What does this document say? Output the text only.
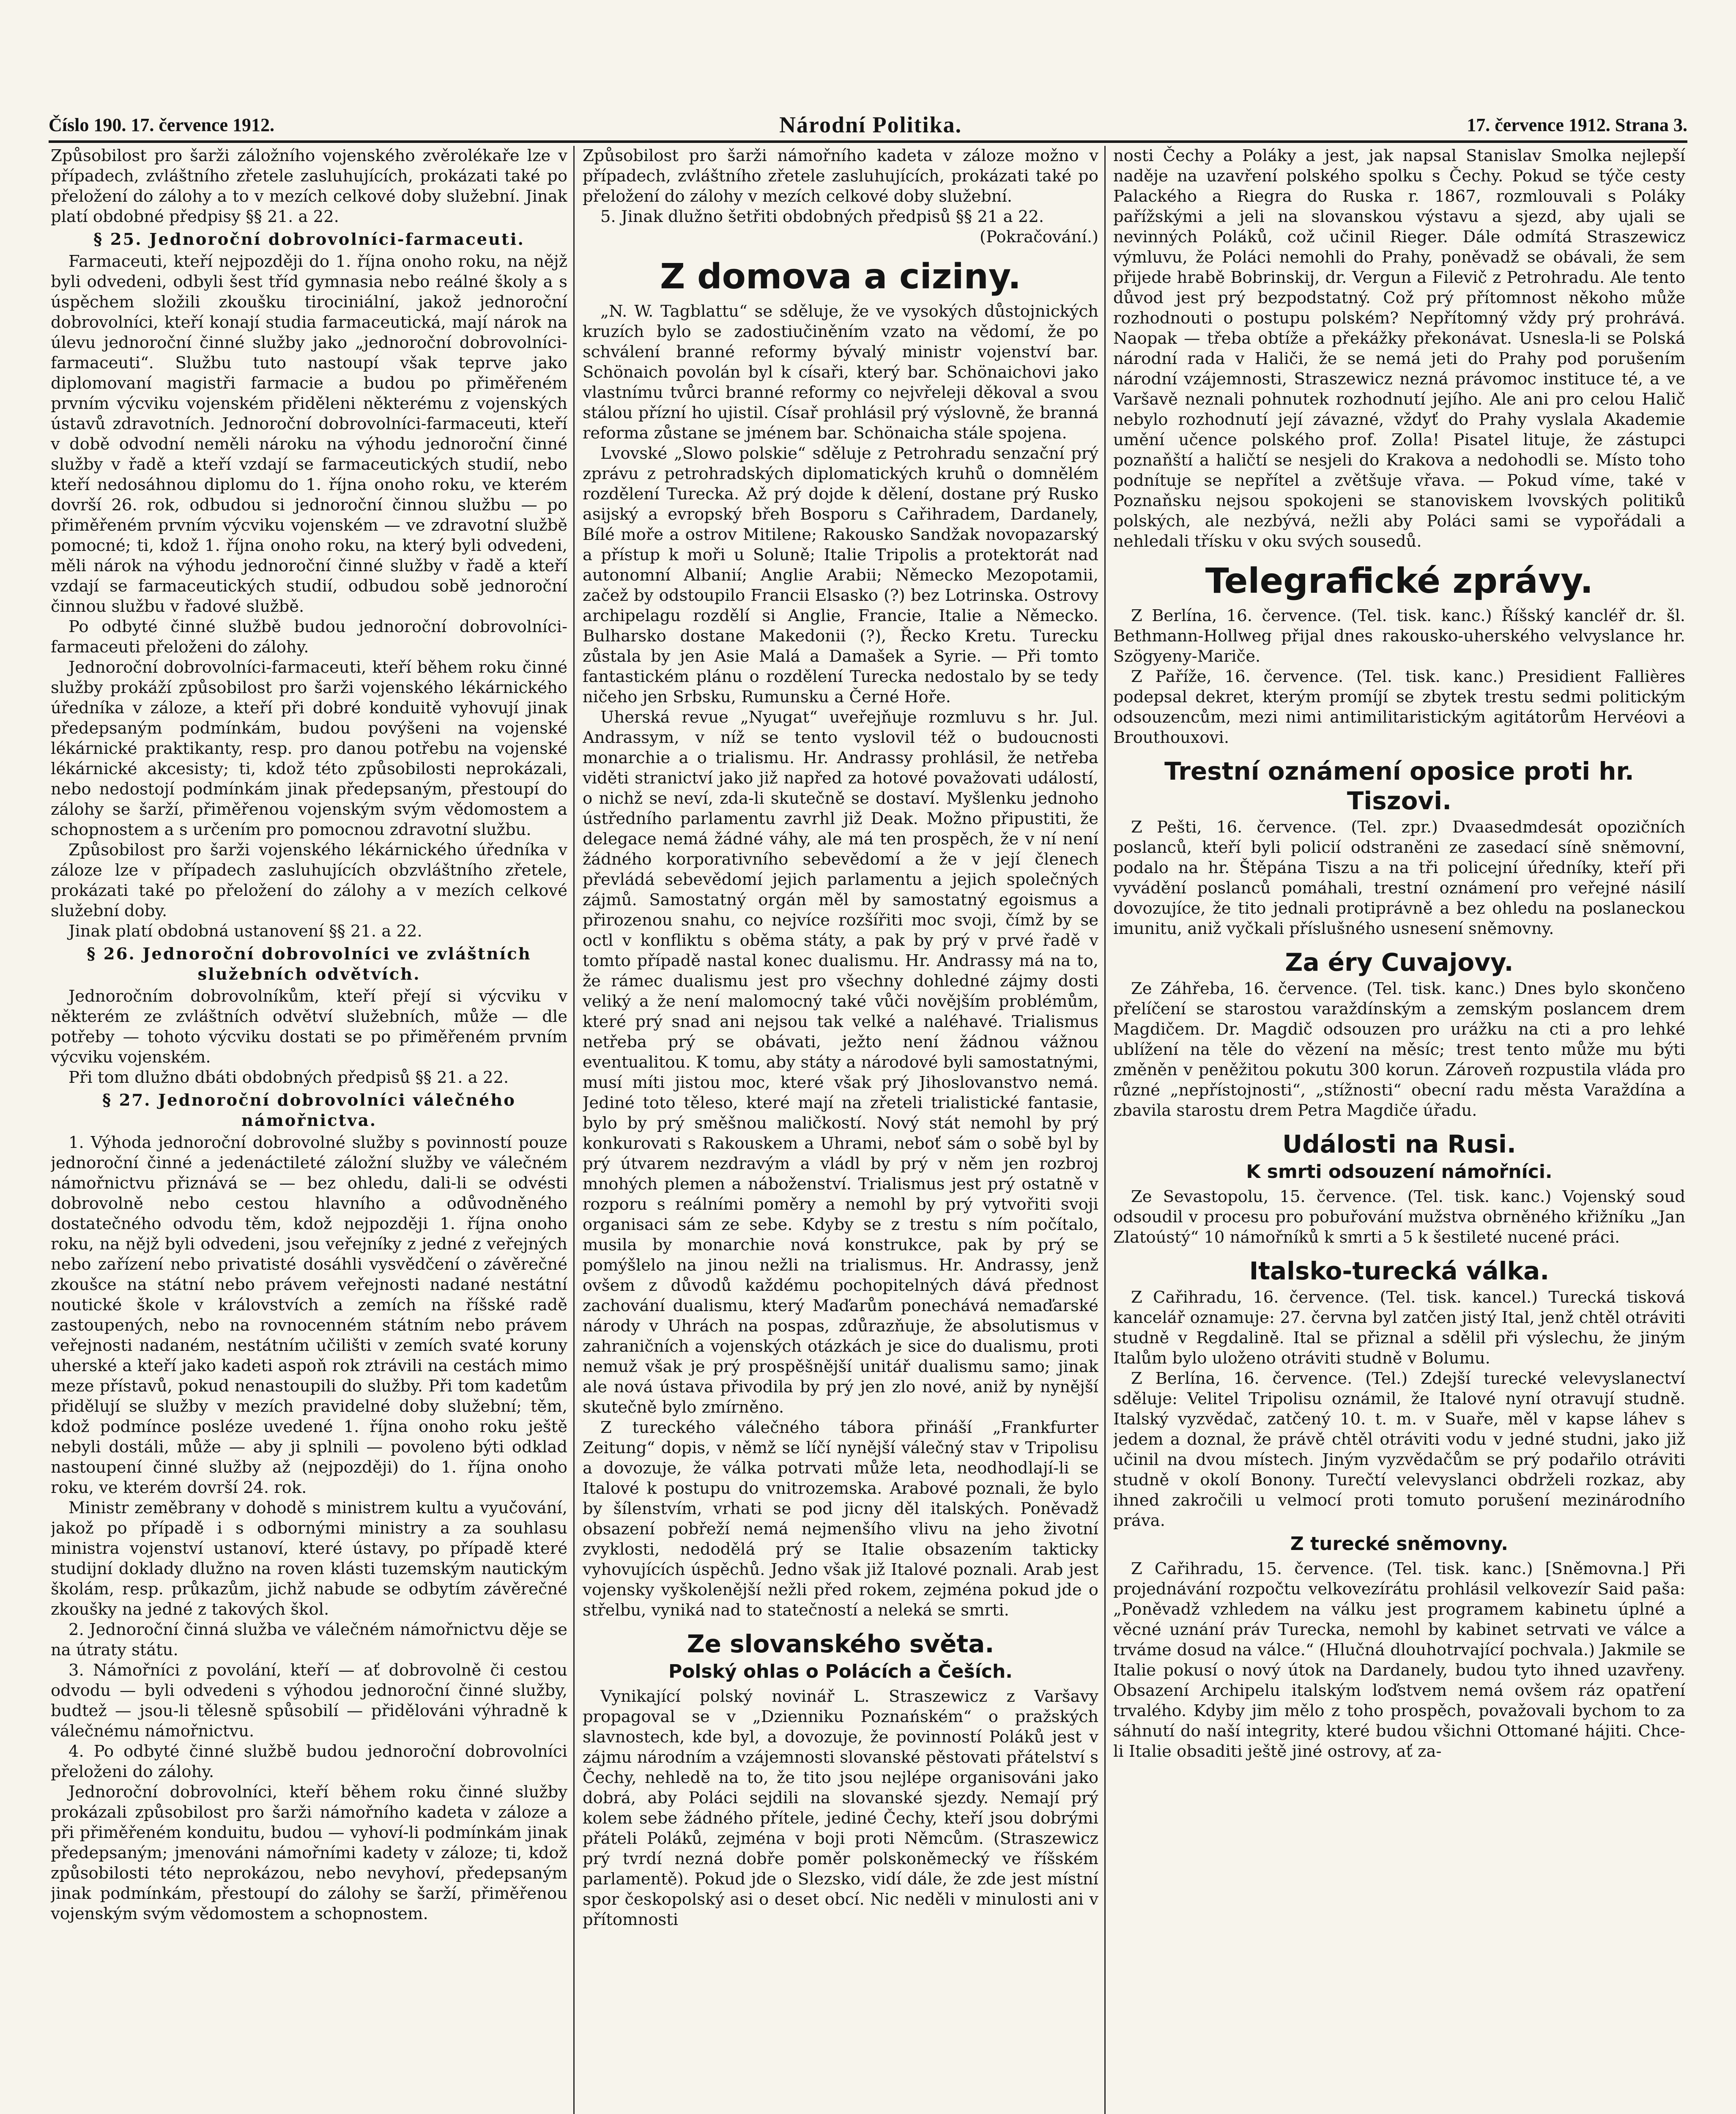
Číslo 190. 17. července 1912.	Národní Politika.	17. července 1912. Strana 3.

Způsobilost pro šarži záložního vojenského zvěrolékaře lze v případech, zvláštního zřetele zasluhujících, prokázati také po přeložení do zálohy a to v mezích celkové doby služební. Jinak platí obdobné předpisy §§ 21. a 22.

§ 25. Jednoroční dobrovolníci-farmaceuti.

Farmaceuti, kteří nejpozději do 1. října onoho roku, na nějž byli odvedeni, odbyli šest tříd gymnasia nebo reálné školy a s úspěchem složili zkoušku tirociniální, jakož jednoroční dobrovolníci, kteří konají studia farmaceutická, mají nárok na úlevu jednoroční činné služby jako „jednoroční dobrovolníci-farmaceuti“. Službu tuto nastoupí však teprve jako diplomovaní magistři farmacie a budou po přiměřeném prvním výcviku vojenském přiděleni některému z vojenských ústavů zdravotních. Jednoroční dobrovolníci-farmaceuti, kteří v době odvodní neměli nároku na výhodu jednoroční činné služby v řadě a kteří vzdají se farmaceutických studií, nebo kteří nedosáhnou diplomu do 1. října onoho roku, ve kterém dovrší 26. rok, odbudou si jednoroční činnou službu — po přiměřeném prvním výcviku vojenském — ve zdravotní službě pomocné; ti, kdož 1. října onoho roku, na který byli odvedeni, měli nárok na výhodu jednoroční činné služby v řadě a kteří vzdají se farmaceutických studií, odbudou sobě jednoroční činnou službu v řadové službě.

Po odbyté činné službě budou jednoroční dobrovolníci-farmaceuti přeloženi do zálohy.

Jednoroční dobrovolníci-farmaceuti, kteří během roku činné služby prokáží způsobilost pro šarži vojenského lékárnického úředníka v záloze, a kteří při dobré konduitě vyhovují jinak předepsaným podmínkám, budou povýšeni na vojenské lékárnické praktikanty, resp. pro danou potřebu na vojenské lékárnické akcesisty; ti, kdož této způsobilosti neprokázali, nebo nedostojí podmínkám jinak předepsaným, přestoupí do zálohy se šarží, přiměřenou vojenským svým vědomostem a schopnostem a s určením pro pomocnou zdravotní službu.

Způsobilost pro šarži vojenského lékárnického úředníka v záloze lze v případech zasluhujících obzvláštního zřetele, prokázati také po přeložení do zálohy a v mezích celkové služební doby.

Jinak platí obdobná ustanovení §§ 21. a 22.

§ 26. Jednoroční dobrovolníci ve zvláštních služebních odvětvích.

Jednoročním dobrovolníkům, kteří přejí si výcviku v některém ze zvláštních odvětví služebních, může — dle potřeby — tohoto výcviku dostati se po přiměřeném prvním výcviku vojenském.

Při tom dlužno dbáti obdobných předpisů §§ 21. a 22.

§ 27. Jednoroční dobrovolníci válečného námořnictva.

1. Výhoda jednoroční dobrovolné služby s povinností pouze jednoroční činné a jedenáctileté záložní služby ve válečném námořnictvu přiznává se — bez ohledu, dali-li se odvésti dobrovolně nebo cestou hlavního a odůvodněného dostatečného odvodu těm, kdož nejpozději 1. října onoho roku, na nějž byli odvedeni, jsou veřejníky z jedné z veřejných nebo zařízení nebo privatisté dosáhli vysvědčení o závěrečné zkoušce na státní nebo právem veřejnosti nadané nestátní noutické škole v královstvích a zemích na říšské radě zastoupených, nebo na rovnocenném státním nebo právem veřejnosti nadaném, nestátním učilišti v zemích svaté koruny uherské a kteří jako kadeti aspoň rok ztrávili na cestách mimo meze přístavů, pokud nenastoupili do služby. Při tom kadetům přidělují se služby v mezích pravidelné doby služební; těm, kdož podmínce posléze uvedené 1. října onoho roku ještě nebyli dostáli, může — aby ji splnili — povoleno býti odklad nastoupení činné služby až (nejpozději) do 1. října onoho roku, ve kterém dovrší 24. rok.

Ministr zeměbrany v dohodě s ministrem kultu a vyučování, jakož po případě i s odbornými ministry a za souhlasu ministra vojenství ustanoví, které ústavy, po případě které studijní doklady dlužno na roven klásti tuzemským nautickým školám, resp. průkazům, jichž nabude se odbytím závěrečné zkoušky na jedné z takových škol.

2. Jednoroční činná služba ve válečném námořnictvu děje se na útraty státu.

3. Námořníci z povolání, kteří — ať dobrovolně či cestou odvodu — byli odvedeni s výhodou jednoroční činné služby, budtež — jsou-li tělesně spůsobilí — přidělováni výhradně k válečnému námořnictvu.

4. Po odbyté činné službě budou jednoroční dobrovolníci přeloženi do zálohy.

Jednoroční dobrovolníci, kteří během roku činné služby prokázali způsobilost pro šarži námořního kadeta v záloze a při přiměřeném konduitu, budou — vyhoví-li podmínkám jinak předepsaným; jmenováni námořními kadety v záloze; ti, kdož způsobilosti této neprokázou, nebo nevyhoví, předepsaným jinak podmínkám, přestoupí do zálohy se šarží, přiměřenou vojenským svým vědomostem a schopnostem.

Způsobilost pro šarži námořního kadeta v záloze možno v případech, zvláštního zřetele zasluhujících, prokázati také po přeložení do zálohy v mezích celkové doby služební.

5. Jinak dlužno šetřiti obdobných předpisů §§ 21 a 22.

(Pokračování.)
Z domova a ciziny.

„N. W. Tagblattu“ se sděluje, že ve vysokých důstojnických kruzích bylo se zadostiučiněním vzato na vědomí, že po schválení branné reformy bývalý ministr vojenství bar. Schönaich povolán byl k císaři, který bar. Schönaichovi jako vlastnímu tvůrci branné reformy co nejvřeleji děkoval a svou stálou přízní ho ujistil. Císař prohlásil prý výslovně, že branná reforma zůstane se jménem bar. Schönaicha stále spojena.

Lvovské „Slowo polskie“ sděluje z Petrohradu senzační prý zprávu z petrohradských diplomatických kruhů o domnělém rozdělení Turecka. Až prý dojde k dělení, dostane prý Rusko asijský a evropský břeh Bosporu s Cařihradem, Dardanely, Bílé moře a ostrov Mitilene; Rakousko Sandžak novopazarský a přístup k moři u Soluně; Italie Tripolis a protektorát nad autonomní Albanií; Anglie Arabii; Německo Mezopotamii, začež by odstoupilo Francii Elsasko (?) bez Lotrinska. Ostrovy archipelagu rozdělí si Anglie, Francie, Italie a Německo. Bulharsko dostane Makedonii (?), Řecko Kretu. Turecku zůstala by jen Asie Malá a Damašek a Syrie. — Při tomto fantastickém plánu o rozdělení Turecka nedostalo by se tedy ničeho jen Srbsku, Rumunsku a Černé Hoře.

Uherská revue „Nyugat“ uveřejňuje rozmluvu s hr. Jul. Andrassym, v níž se tento vyslovil též o budoucnosti monarchie a o trialismu. Hr. Andrassy prohlásil, že netřeba viděti stranictví jako již napřed za hotové považovati událostí, o nichž se neví, zda-li skutečně se dostaví. Myšlenku jednoho ústředního parlamentu zavrhl již Deak. Možno připustiti, že delegace nemá žádné váhy, ale má ten prospěch, že v ní není žádného korporativního sebevědomí a že v její členech převládá sebevědomí jejich parlamentu a jejich společných zájmů. Samostatný orgán měl by samostatný egoismus a přirozenou snahu, co nejvíce rozšířiti moc svoji, čímž by se octl v konfliktu s oběma státy, a pak by prý v prvé řadě v tomto případě nastal konec dualismu. Hr. Andrassy má na to, že rámec dualismu jest pro všechny dohledné zájmy dosti veliký a že není malomocný také vůči novějším problémům, které prý snad ani nejsou tak velké a naléhavé. Trialismus netřeba prý se obávati, ježto není žádnou vážnou eventualitou. K tomu, aby státy a národové byli samostatnými, musí míti jistou moc, které však prý Jihoslovanstvo nemá. Jediné toto těleso, které mají na zřeteli trialistické fantasie, bylo by prý směšnou maličkostí. Nový stát nemohl by prý konkurovati s Rakouskem a Uhrami, neboť sám o sobě byl by prý útvarem nezdravým a vládl by prý v něm jen rozbroj mnohých plemen a náboženství. Trialismus jest prý ostatně v rozporu s reálními poměry a nemohl by prý vytvořiti svoji organisaci sám ze sebe. Kdyby se z trestu s ním počítalo, musila by monarchie nová konstrukce, pak by prý se pomýšlelo na jinou nežli na trialismus. Hr. Andrassy, jenž ovšem z důvodů každému pochopitelných dává přednost zachování dualismu, který Maďarům ponechává nemaďarské národy v Uhrách na pospas, zdůrazňuje, že absolutismus v zahraničních a vojenských otázkách je sice do dualismu, proti nemuž však je prý prospěšnější unitář dualismu samo; jinak ale nová ústava přivodila by prý jen zlo nové, aniž by nynější skutečně bylo zmírněno.

Z tureckého válečného tábora přináší „Frankfurter Zeitung“ dopis, v němž se líčí nynější válečný stav v Tripolisu a dovozuje, že válka potrvati může leta, neodhodlají-li se Italové k postupu do vnitrozemska. Arabové poznali, že bylo by šílenstvím, vrhati se pod jicny děl italských. Poněvadž obsazení pobřeží nemá nejmenšího vlivu na jeho životní zvyklosti, nedodělá prý se Italie obsazením takticky vyhovujících úspěchů. Jedno však již Italové poznali. Arab jest vojensky vyškolenější nežli před rokem, zejména pokud jde o střelbu, vyniká nad to statečností a neleká se smrti.

Ze slovanského světa.
Polský ohlas o Polácích a Češích.

Vynikající polský novinář L. Straszewicz z Varšavy propagoval se v „Dzienniku Poznańském“ o pražských slavnostech, kde byl, a dovozuje, že povinností Poláků jest v zájmu národním a vzájemnosti slovanské pěstovati přátelství s Čechy, nehledě na to, že tito jsou nejlépe organisováni jako dobrá, aby Poláci sejdili na slovanské sjezdy. Nemají prý kolem sebe žádného přítele, jediné Čechy, kteří jsou dobrými přáteli Poláků, zejména v boji proti Němcům. (Straszewicz prý tvrdí nezná dobře poměr polskoněmecký ve říšském parlamentě). Pokud jde o Slezsko, vidí dále, že zde jest místní spor českopolský asi o deset obcí. Nic neděli v minulosti ani v přítomnosti

nosti Čechy a Poláky a jest, jak napsal Stanislav Smolka nejlepší naděje na uzavření polského spolku s Čechy. Pokud se týče cesty Palackého a Riegra do Ruska r. 1867, rozmlouvali s Poláky pařížskými a jeli na slovanskou výstavu a sjezd, aby ujali se nevinných Poláků, což učinil Rieger. Dále odmítá Straszewicz výmluvu, že Poláci nemohli do Prahy, poněvadž se obávali, že sem přijede hrabě Bobrinskij, dr. Vergun a Filevič z Petrohradu. Ale tento důvod jest prý bezpodstatný. Což prý přítomnost někoho může rozhodnouti o postupu polském? Nepřítomný vždy prý prohrává. Naopak — třeba obtíže a překážky překonávat. Usnesla-li se Polská národní rada v Haliči, že se nemá jeti do Prahy pod porušením národní vzájemnosti, Straszewicz nezná právomoc instituce té, a ve Varšavě neznali pohnutek rozhodnutí jejího. Ale ani pro celou Halič nebylo rozhodnutí její závazné, vždyť do Prahy vyslala Akademie umění učence polského prof. Zolla! Pisatel lituje, že zástupci poznaňští a haličtí se nesjeli do Krakova a nedohodli se. Místo toho podnítuje se nepřítel a zvětšuje vřava. — Pokud víme, také v Poznaňsku nejsou spokojeni se stanoviskem lvovských politiků polských, ale nezbývá, nežli aby Poláci sami se vypořádali a nehledali třísku v oku svých sousedů.

Telegrafické zprávy.

Z Berlína, 16. července. (Tel. tisk. kanc.) Říšský kancléř dr. šl. Bethmann-Hollweg přijal dnes rakousko-uherského velvyslance hr. Szögyeny-Mariče.

Z Paříže, 16. července. (Tel. tisk. kanc.) Presidient Fallières podepsal dekret, kterým promíjí se zbytek trestu sedmi politickým odsouzencům, mezi nimi antimilitaristickým agitátorům Hervéovi a Brouthouxovi.

Trestní oznámení oposice proti hr. Tiszovi.

Z Pešti, 16. července. (Tel. zpr.) Dvaasedmdesát opozičních poslanců, kteří byli policií odstraněni ze zasedací síně sněmovní, podalo na hr. Štěpána Tiszu a na tři policejní úředníky, kteří při vyvádění poslanců pomáhali, trestní oznámení pro veřejné násilí dovozujíce, že tito jednali protiprávně a bez ohledu na poslaneckou imunitu, aniž vyčkali příslušného usnesení sněmovny.

Za éry Cuvajovy.

Ze Záhřeba, 16. července. (Tel. tisk. kanc.) Dnes bylo skončeno přelíčení se starostou varaždínským a zemským poslancem drem Magdičem. Dr. Magdič odsouzen pro urážku na cti a pro lehké ublížení na těle do vězení na měsíc; trest tento může mu býti změněn v peněžitou pokutu 300 korun. Zároveň rozpustila vláda pro různé „nepřístojnosti“, „stížnosti“ obecní radu města Varaždína a zbavila starostu drem Petra Magdiče úřadu.

Události na Rusi.
K smrti odsouzení námořníci.

Ze Sevastopolu, 15. července. (Tel. tisk. kanc.) Vojenský soud odsoudil v procesu pro pobuřování mužstva obrněného křižníku „Jan Zlatoústý“ 10 námořníků k smrti a 5 k šestileté nucené práci.

Italsko-turecká válka.

Z Cařihradu, 16. července. (Tel. tisk. kancel.) Turecká tisková kancelář oznamuje: 27. června byl zatčen jistý Ital, jenž chtěl otráviti studně v Regdalině. Ital se přiznal a sdělil při výslechu, že jiným Italům bylo uloženo otráviti studně v Bolumu.

Z Berlína, 16. července. (Tel.) Zdejší turecké velevyslanectví sděluje: Velitel Tripolisu oznámil, že Italové nyní otravují studně. Italský vyzvědač, zatčený 10. t. m. v Suaře, měl v kapse láhev s jedem a doznal, že právě chtěl otráviti vodu v jedné studni, jako již učinil na dvou místech. Jiným vyzvědačům se prý podařilo otráviti studně v okolí Bonony. Turečtí velevyslanci obdrželi rozkaz, aby ihned zakročili u velmocí proti tomuto porušení mezinárodního práva.

Z turecké sněmovny.

Z Cařihradu, 15. července. (Tel. tisk. kanc.) [Sněmovna.] Při projednávání rozpočtu velkovezírátu prohlásil velkovezír Said paša: „Poněvadž vzhledem na válku jest programem kabinetu úplné a věcné uznání práv Turecka, nemohl by kabinet setrvati ve válce a trváme dosud na válce.“ (Hlučná dlouhotrvající pochvala.) Jakmile se Italie pokusí o nový útok na Dardanely, budou tyto ihned uzavřeny. Obsazení Archipelu italským loďstvem nemá ovšem ráz opatření trvalého. Kdyby jim mělo z toho prospěch, považovali bychom to za sáhnutí do naší integrity, které budou všichni Ottomané hájiti. Chce-li Italie obsaditi ještě jiné ostrovy, ať za-
